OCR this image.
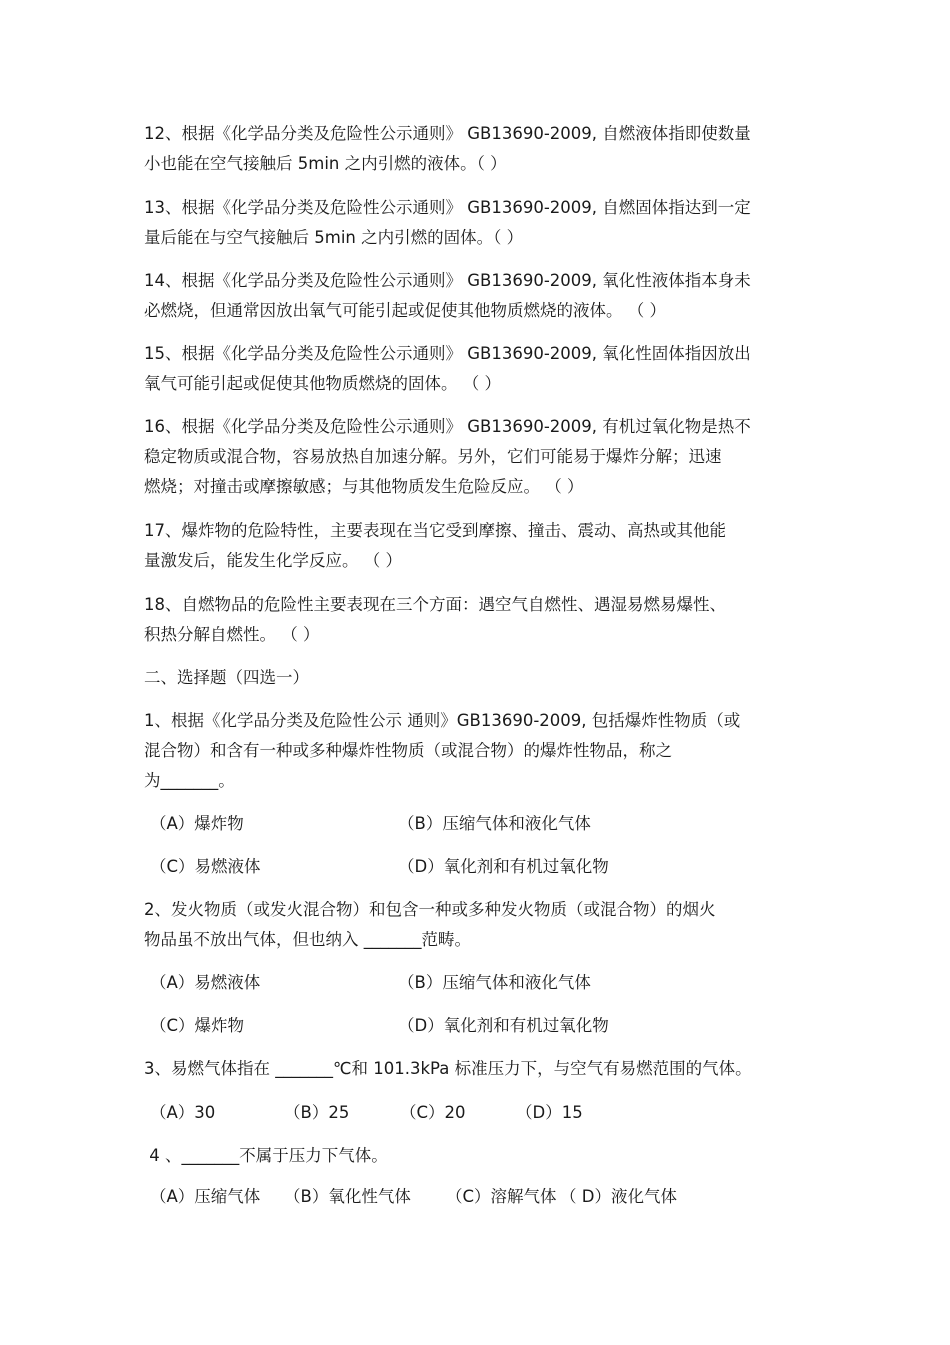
12、根据《化学品分类及危险性公示通则》 GB13690-2009, 自燃液体指即使数量
小也能在空气接触后 5min 之内引燃的液体。（ ）
13、根据《化学品分类及危险性公示通则》 GB13690-2009, 自燃固体指达到一定
量后能在与空气接触后 5min 之内引燃的固体。（ ）
14、根据《化学品分类及危险性公示通则》 GB13690-2009, 氧化性液体指本身未
必燃烧，但通常因放出氧气可能引起或促使其他物质燃烧的液体。 （ ）
15、根据《化学品分类及危险性公示通则》 GB13690-2009, 氧化性固体指因放出
氧气可能引起或促使其他物质燃烧的固体。 （ ）
16、根据《化学品分类及危险性公示通则》 GB13690-2009, 有机过氧化物是热不
稳定物质或混合物，容易放热自加速分解。另外，它们可能易于爆炸分解；迅速
燃烧；对撞击或摩擦敏感；与其他物质发生危险反应。 （ ）
17、爆炸物的危险特性，主要表现在当它受到摩擦、撞击、震动、高热或其他能
量激发后，能发生化学反应。 （ ）
18、自燃物品的危险性主要表现在三个方面：遇空气自燃性、遇湿易燃易爆性、
积热分解自燃性。 （ ）
二、选择题（四选一）
1、根据《化学品分类及危险性公示 通则》GB13690-2009, 包括爆炸性物质（或
混合物）和含有一种或多种爆炸性物质（或混合物）的爆炸性物品，称之
为_______。
（A）爆炸物	（B）压缩气体和液化气体
（C）易燃液体	（D）氧化剂和有机过氧化物
2、发火物质（或发火混合物）和包含一种或多种发火物质（或混合物）的烟火
物品虽不放出气体，但也纳入 _______范畴。
（A）易燃液体	（B）压缩气体和液化气体
（C）爆炸物	（D）氧化剂和有机过氧化物
3、易燃气体指在 _______℃和 101.3kPa 标准压力下，与空气有易燃范围的气体。
（A）30	（B）25	（C）20	（D）15
4 、_______不属于压力下气体。
（A）压缩气体 （B）氧化性气体 （C）溶解气体 （ D）液化气体
